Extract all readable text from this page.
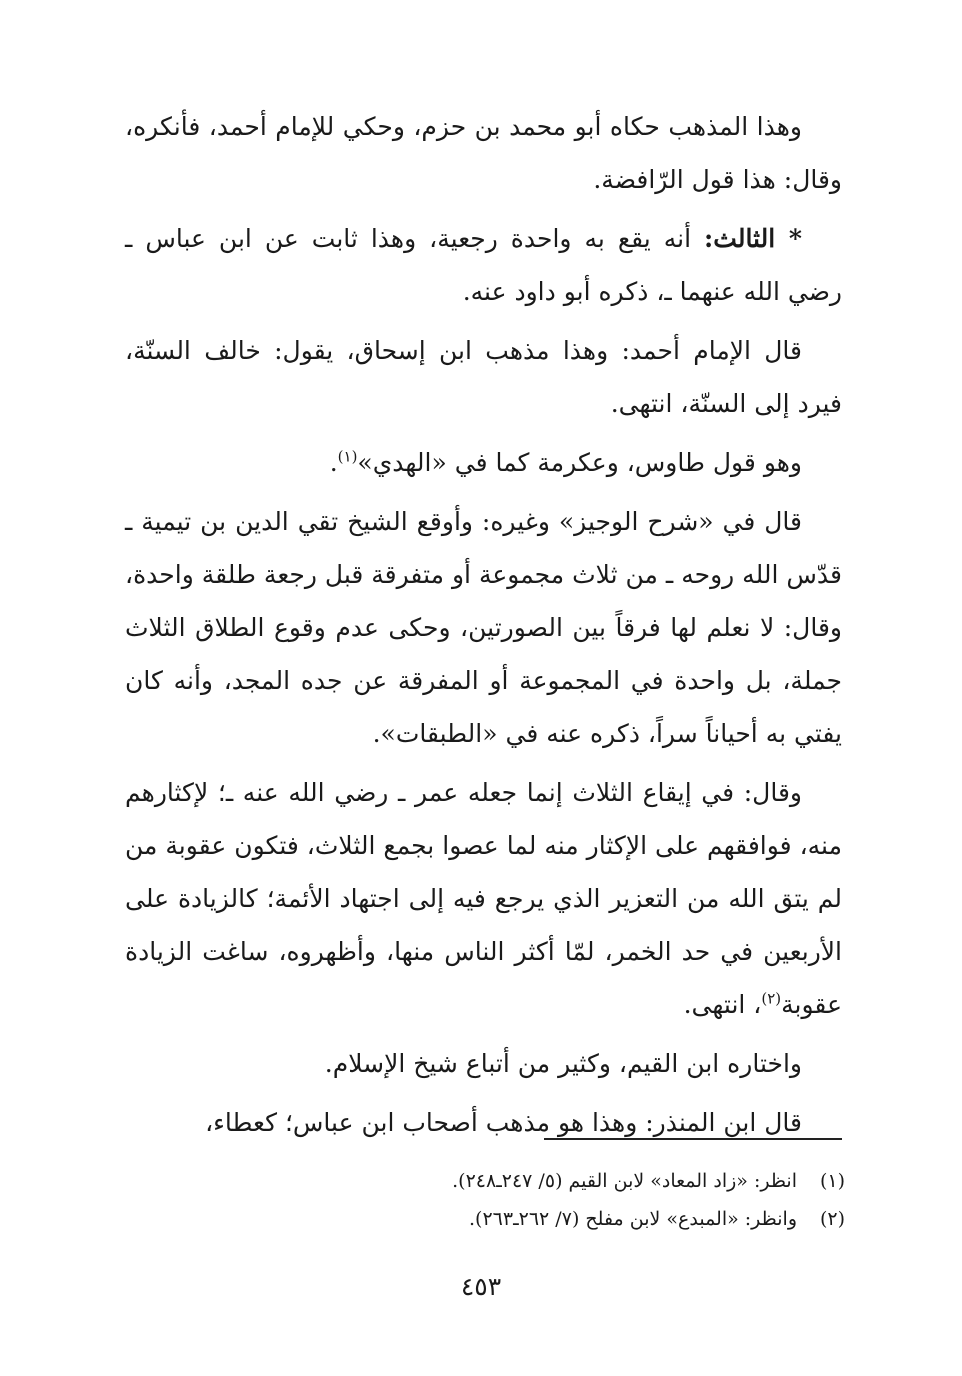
وهذا المذهب حكاه أبو محمد بن حزم، وحكي للإمام أحمد، فأنكره، وقال: هذا قول الرّافضة.

* الثالث: أنه يقع به واحدة رجعية، وهذا ثابت عن ابن عباس ـ رضي الله عنهما ـ، ذكره أبو داود عنه.

قال الإمام أحمد: وهذا مذهب ابن إسحاق، يقول: خالف السنّة، فيرد إلى السنّة، انتهى.

وهو قول طاوس، وعكرمة كما في «الهدي»$^{(١)}$.

قال في «شرح الوجيز» وغيره: وأوقع الشيخ تقي الدين بن تيمية ـ قدّس الله روحه ـ من ثلاث مجموعة أو متفرقة قبل رجعة طلقة واحدة، وقال: لا نعلم لها فرقاً بين الصورتين، وحكى عدم وقوع الطلاق الثلاث جملة، بل واحدة في المجموعة أو المفرقة عن جده المجد، وأنه كان يفتي به أحياناً سراً، ذكره عنه في «الطبقات».

وقال: في إيقاع الثلاث إنما جعله عمر ـ رضي الله عنه ـ؛ لإكثارهم منه، فوافقهم على الإكثار منه لما عصوا بجمع الثلاث، فتكون عقوبة من لم يتق الله من التعزير الذي يرجع فيه إلى اجتهاد الأئمة؛ كالزيادة على الأربعين في حد الخمر، لمّا أكثر الناس منها، وأظهروه، ساغت الزيادة عقوبة$^{(٢)}$، انتهى.

واختاره ابن القيم، وكثير من أتباع شيخ الإسلام.

قال ابن المنذر: وهذا هو مذهب أصحاب ابن عباس؛ كعطاء،

(١)انظر: «زاد المعاد» لابن القيم (٥/ ٢٤٧ـ٢٤٨).
(٢)وانظر: «المبدع» لابن مفلح (٧/ ٢٦٢ـ٢٦٣).
٤٥٣
